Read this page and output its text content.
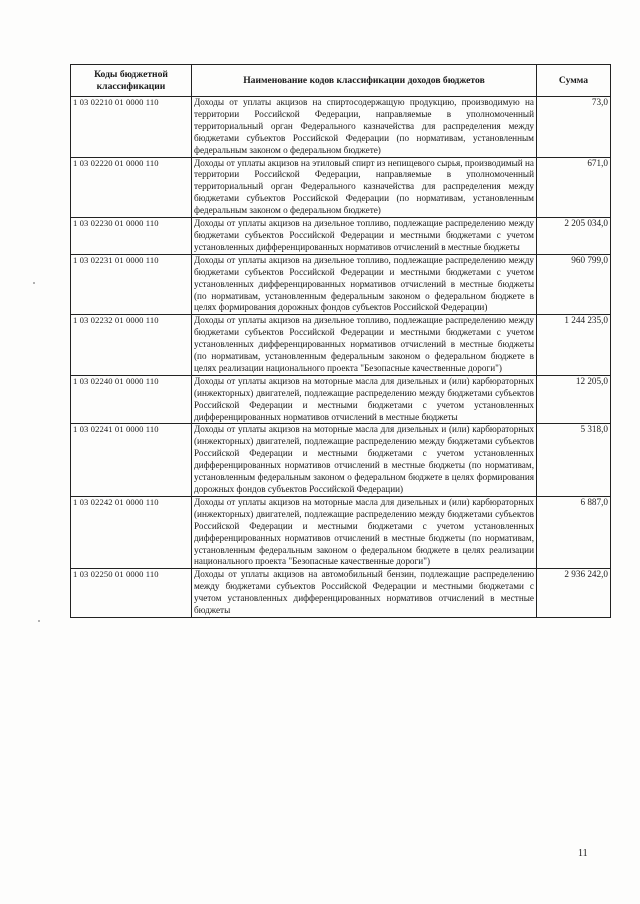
Коды бюджетной классификации	Наименование кодов классификации доходов бюджетов	Сумма
1 03 02210 01 0000 110	Доходы от уплаты акцизов на спиртосодержащую продукцию, производимую на территории Российской Федерации, направляемые в уполномоченный территориальный орган Федерального казначейства для распределения между бюджетами субъектов Российской Федерации (по нормативам, установленным федеральным законом о федеральном бюджете)	73,0
1 03 02220 01 0000 110	Доходы от уплаты акцизов на этиловый спирт из непищевого сырья, производимый на территории Российской Федерации, направляемые в уполномоченный территориальный орган Федерального казначейства для распределения между бюджетами субъектов Российской Федерации (по нормативам, установленным федеральным законом о федеральном бюджете)	671,0
1 03 02230 01 0000 110	Доходы от уплаты акцизов на дизельное топливо, подлежащие распределению между бюджетами субъектов Российской Федерации и местными бюджетами с учетом установленных дифференцированных нормативов отчислений в местные бюджеты	2 205 034,0
1 03 02231 01 0000 110	Доходы от уплаты акцизов на дизельное топливо, подлежащие распределению между бюджетами субъектов Российской Федерации и местными бюджетами с учетом установленных дифференцированных нормативов отчислений в местные бюджеты (по нормативам, установленным федеральным законом о федеральном бюджете в целях формирования дорожных фондов субъектов Российской Федерации)	960 799,0
1 03 02232 01 0000 110	Доходы от уплаты акцизов на дизельное топливо, подлежащие распределению между бюджетами субъектов Российской Федерации и местными бюджетами с учетом установленных дифференцированных нормативов отчислений в местные бюджеты (по нормативам, установленным федеральным законом о федеральном бюджете в целях реализации национального проекта "Безопасные качественные дороги")	1 244 235,0
1 03 02240 01 0000 110	Доходы от уплаты акцизов на моторные масла для дизельных и (или) карбюраторных (инжекторных) двигателей, подлежащие распределению между бюджетами субъектов Российской Федерации и местными бюджетами с учетом установленных дифференцированных нормативов отчислений в местные бюджеты	12 205,0
1 03 02241 01 0000 110	Доходы от уплаты акцизов на моторные масла для дизельных и (или) карбюраторных (инжекторных) двигателей, подлежащие распределению между бюджетами субъектов Российской Федерации и местными бюджетами с учетом установленных дифференцированных нормативов отчислений в местные бюджеты (по нормативам, установленным федеральным законом о федеральном бюджете в целях формирования дорожных фондов субъектов Российской Федерации)	5 318,0
1 03 02242 01 0000 110	Доходы от уплаты акцизов на моторные масла для дизельных и (или) карбюраторных (инжекторных) двигателей, подлежащие распределению между бюджетами субъектов Российской Федерации и местными бюджетами с учетом установленных дифференцированных нормативов отчислений в местные бюджеты (по нормативам, установленным федеральным законом о федеральном бюджете в целях реализации национального проекта "Безопасные качественные дороги")	6 887,0
1 03 02250 01 0000 110	Доходы от уплаты акцизов на автомобильный бензин, подлежащие распределению между бюджетами субъектов Российской Федерации и местными бюджетами с учетом установленных дифференцированных нормативов отчислений в местные бюджеты	2 936 242,0
11
